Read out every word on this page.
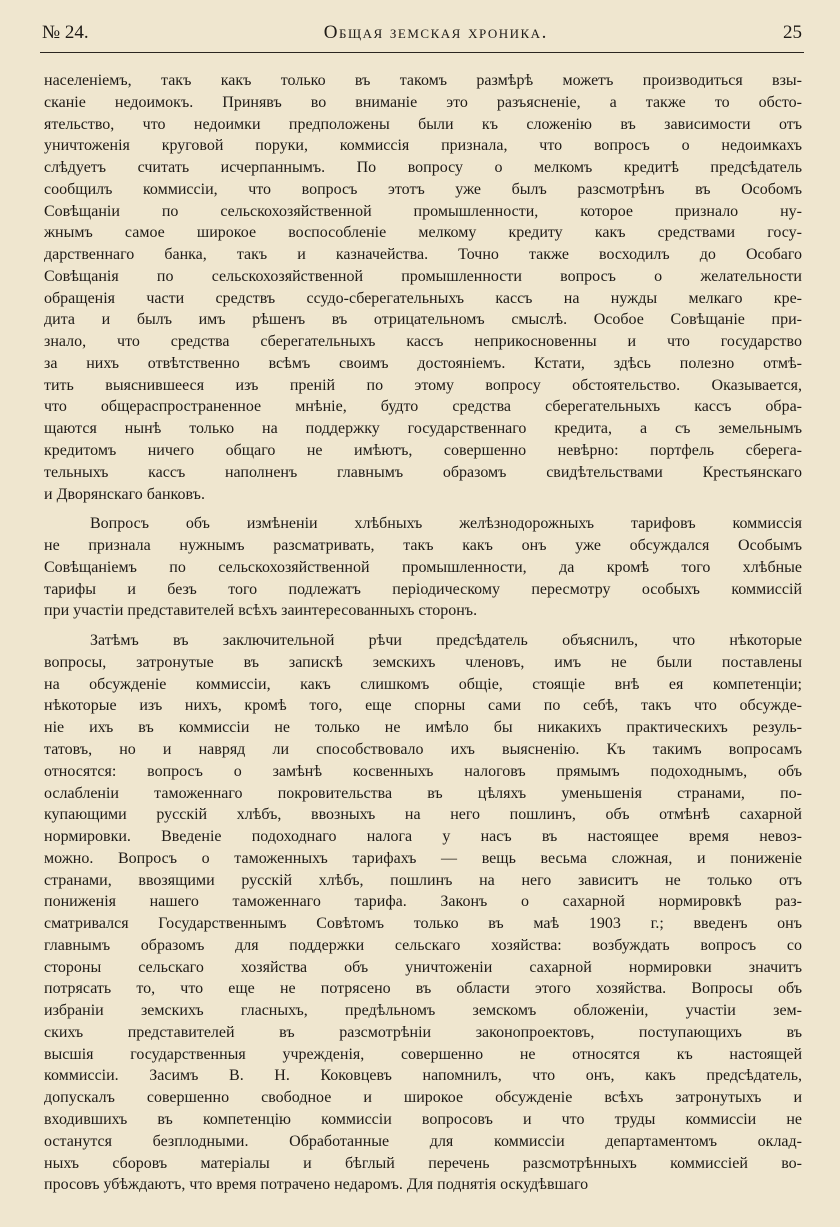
№ 24.	Общая земская хроника.	25

населеніемъ, такъ какъ только въ такомъ размѣрѣ можетъ производиться взы-
сканіе недоимокъ. Принявъ во вниманіе это разъясненіе, а также то обсто-
ятельство, что недоимки предположены были къ сложенію въ зависимости отъ
уничтоженія круговой поруки, коммиссія признала, что вопросъ о недоимкахъ
слѣдуетъ считать исчерпаннымъ. По вопросу о мелкомъ кредитѣ предсѣдатель
сообщилъ коммиссіи, что вопросъ этотъ уже былъ разсмотрѣнъ въ Особомъ
Совѣщаніи по сельскохозяйственной промышленности, которое признало ну-
жнымъ самое широкое воспособленіе мелкому кредиту какъ средствами госу-
дарственнаго банка, такъ и казначейства. Точно также восходилъ до Особаго
Совѣщанія по сельскохозяйственной промышленности вопросъ о желательности
обращенія части средствъ ссудо-сберегательныхъ кассъ на нужды мелкаго кре-
дита и былъ имъ рѣшенъ въ отрицательномъ смыслѣ. Особое Совѣщаніе при-
знало, что средства сберегательныхъ кассъ неприкосновенны и что государство
за нихъ отвѣтственно всѣмъ своимъ достояніемъ. Кстати, здѣсь полезно отмѣ-
тить выяснившееся изъ преній по этому вопросу обстоятельство. Оказывается,
что общераспространенное мнѣніе, будто средства сберегательныхъ кассъ обра-
щаются нынѣ только на поддержку государственнаго кредита, а съ земельнымъ
кредитомъ ничего общаго не имѣютъ, совершенно невѣрно: портфель сберега-
тельныхъ кассъ наполненъ главнымъ образомъ свидѣтельствами Крестьянскаго
и Дворянскаго банковъ.

Вопросъ объ измѣненіи хлѣбныхъ желѣзнодорожныхъ тарифовъ коммиссія
не признала нужнымъ разсматривать, такъ какъ онъ уже обсуждался Особымъ
Совѣщаніемъ по сельскохозяйственной промышленности, да кромѣ того хлѣбные
тарифы и безъ того подлежатъ періодическому пересмотру особыхъ коммиссій
при участіи представителей всѣхъ заинтересованныхъ сторонъ.

Затѣмъ въ заключительной рѣчи предсѣдатель объяснилъ, что нѣкоторые
вопросы, затронутые въ запискѣ земскихъ членовъ, имъ не были поставлены
на обсужденіе коммиссіи, какъ слишкомъ общіе, стоящіе внѣ ея компетенціи;
нѣкоторые изъ нихъ, кромѣ того, еще спорны сами по себѣ, такъ что обсужде-
ніе ихъ въ коммиссіи не только не имѣло бы никакихъ практическихъ резуль-
татовъ, но и навряд ли способствовало ихъ выясненію. Къ такимъ вопросамъ
относятся: вопросъ о замѣнѣ косвенныхъ налоговъ прямымъ подоходнымъ, объ
ослабленіи таможеннаго покровительства въ цѣляхъ уменьшенія странами, по-
купающими русскій хлѣбъ, ввозныхъ на него пошлинъ, объ отмѣнѣ сахарной
нормировки. Введеніе подоходнаго налога у насъ въ настоящее время невоз-
можно. Вопросъ о таможенныхъ тарифахъ — вещь весьма сложная, и пониженіе
странами, ввозящими русскій хлѣбъ, пошлинъ на него зависитъ не только отъ
пониженія нашего таможеннаго тарифа. Законъ о сахарной нормировкѣ раз-
сматривался Государственнымъ Совѣтомъ только въ маѣ 1903 г.; введенъ онъ
главнымъ образомъ для поддержки сельскаго хозяйства: возбуждать вопросъ со
стороны сельскаго хозяйства объ уничтоженіи сахарной нормировки значитъ
потрясать то, что еще не потрясено въ области этого хозяйства. Вопросы объ
избраніи земскихъ гласныхъ, предѣльномъ земскомъ обложеніи, участіи зем-
скихъ представителей въ разсмотрѣніи законопроектовъ, поступающихъ въ
высшія государственныя учрежденія, совершенно не относятся къ настоящей
коммиссіи. Засимъ В. Н. Коковцевъ напомнилъ, что онъ, какъ предсѣдатель,
допускалъ совершенно свободное и широкое обсужденіе всѣхъ затронутыхъ и
входившихъ въ компетенцію коммиссіи вопросовъ и что труды коммиссіи не
останутся безплодными. Обработанные для коммиссіи департаментомъ оклад-
ныхъ сборовъ матеріалы и бѣглый перечень разсмотрѣнныхъ коммиссіей во-
просовъ убѣждаютъ, что время потрачено недаромъ. Для поднятія оскудѣвшаго
